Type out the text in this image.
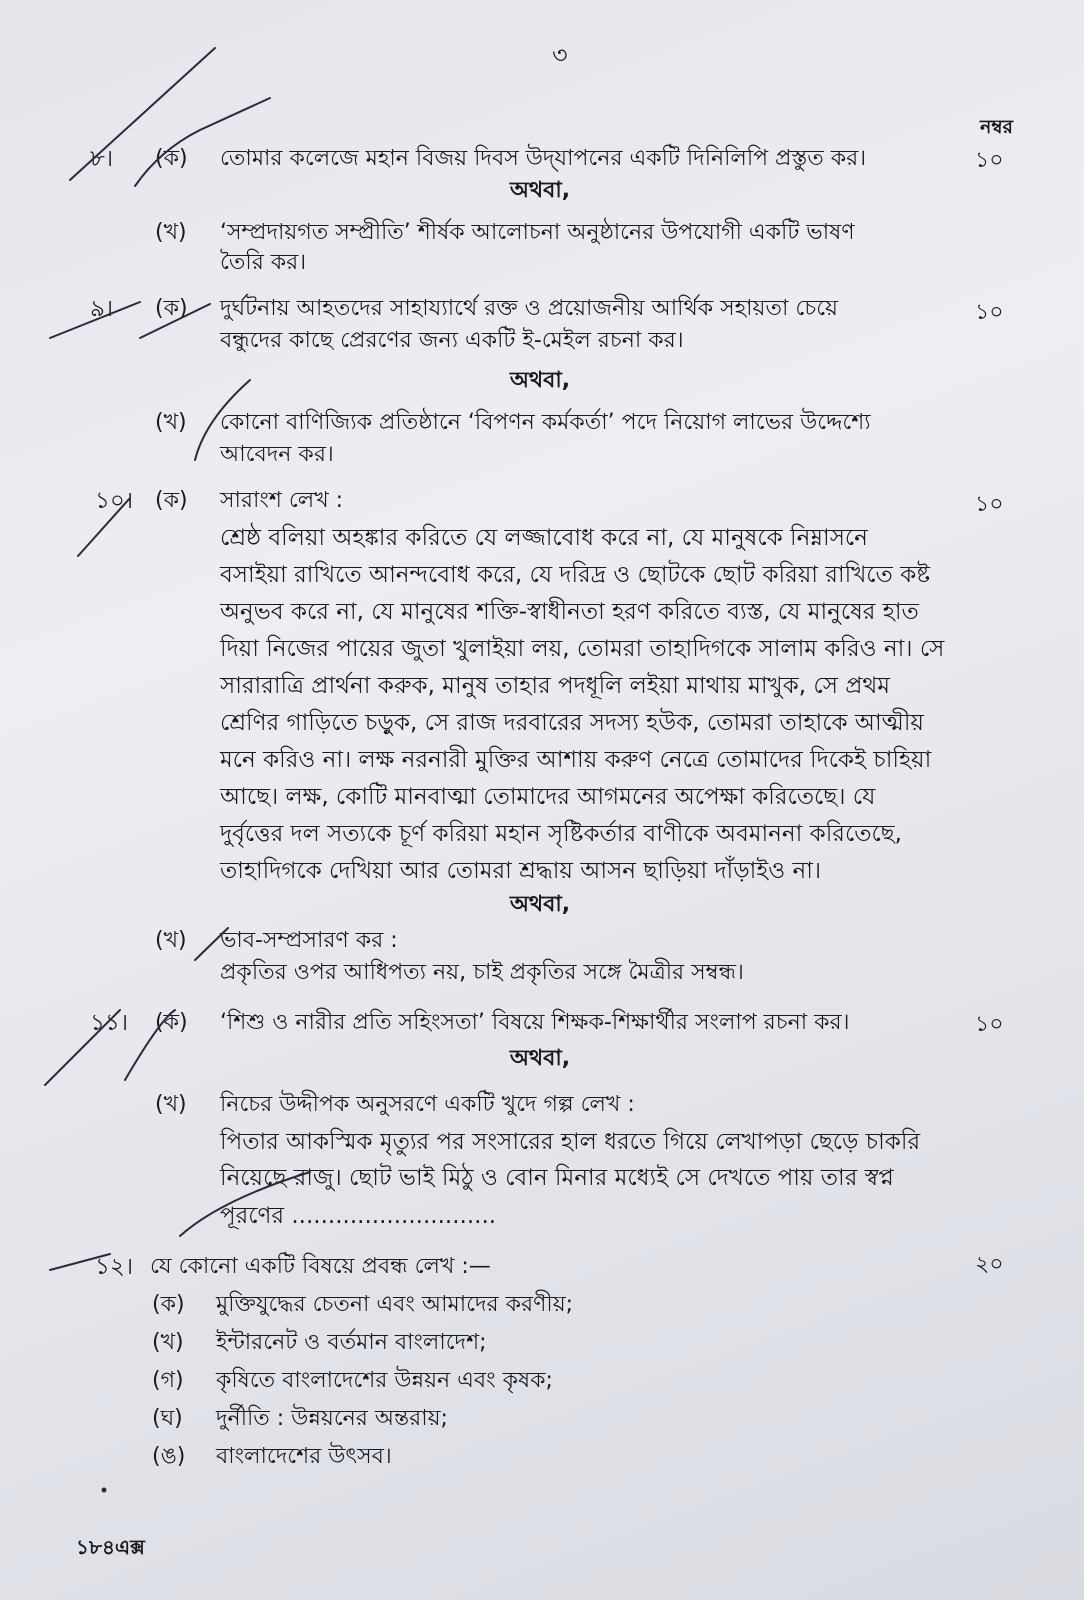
৩
নম্বর
৮। (ক) তোমার কলেজে মহান বিজয় দিবস উদ্‌যাপনের একটি দিনিলিপি প্রস্তুত কর।	১০
অথবা,
(খ) ‘সম্প্রদায়গত সম্প্রীতি’ শীর্ষক আলোচনা অনুষ্ঠানের উপযোগী একটি ভাষণ
তৈরি কর।
৯। (ক) দুর্ঘটনায় আহতদের সাহায্যার্থে রক্ত ও প্রয়োজনীয় আর্থিক সহায়তা চেয়ে	১০
বন্ধুদের কাছে প্রেরণের জন্য একটি ই-মেইল রচনা কর।
অথবা,
(খ) কোনো বাণিজ্যিক প্রতিষ্ঠানে ‘বিপণন কর্মকর্তা’ পদে নিয়োগ লাভের উদ্দেশ্যে
আবেদন কর।
১০। (ক) সারাংশ লেখ :	১০
শ্রেষ্ঠ বলিয়া অহঙ্কার করিতে যে লজ্জাবোধ করে না, যে মানুষকে নিম্নাসনে
বসাইয়া রাখিতে আনন্দবোধ করে, যে দরিদ্র ও ছোটকে ছোট করিয়া রাখিতে কষ্ট
অনুভব করে না, যে মানুষের শক্তি-স্বাধীনতা হরণ করিতে ব্যস্ত, যে মানুষের হাত
দিয়া নিজের পায়ের জুতা খুলাইয়া লয়, তোমরা তাহাদিগকে সালাম করিও না। সে
সারারাত্রি প্রার্থনা করুক, মানুষ তাহার পদধূলি লইয়া মাথায় মাখুক, সে প্রথম
শ্রেণির গাড়িতে চড়ুক, সে রাজ দরবারের সদস্য হউক, তোমরা তাহাকে আত্মীয়
মনে করিও না। লক্ষ নরনারী মুক্তির আশায় করুণ নেত্রে তোমাদের দিকেই চাহিয়া
আছে। লক্ষ, কোটি মানবাত্মা তোমাদের আগমনের অপেক্ষা করিতেছে। যে
দুর্বৃত্তের দল সত্যকে চূর্ণ করিয়া মহান সৃষ্টিকর্তার বাণীকে অবমাননা করিতেছে,
তাহাদিগকে দেখিয়া আর তোমরা শ্রদ্ধায় আসন ছাড়িয়া দাঁড়াইও না।
অথবা,
(খ) ভাব-সম্প্রসারণ কর :
প্রকৃতির ওপর আধিপত্য নয়, চাই প্রকৃতির সঙ্গে মৈত্রীর সম্বন্ধ।
১১। (ক) ‘শিশু ও নারীর প্রতি সহিংসতা’ বিষয়ে শিক্ষক-শিক্ষার্থীর সংলাপ রচনা কর।	১০
অথবা,
(খ) নিচের উদ্দীপক অনুসরণে একটি খুদে গল্প লেখ :
পিতার আকস্মিক মৃত্যুর পর সংসারের হাল ধরতে গিয়ে লেখাপড়া ছেড়ে চাকরি
নিয়েছে রাজু। ছোট ভাই মিঠু ও বোন মিনার মধ্যেই সে দেখতে পায় তার স্বপ্ন
পূরণের ............................
১২। যে কোনো একটি বিষয়ে প্রবন্ধ লেখ :—	২০
(ক) মুক্তিযুদ্ধের চেতনা এবং আমাদের করণীয়;
(খ) ইন্টারনেট ও বর্তমান বাংলাদেশ;
(গ) কৃষিতে বাংলাদেশের উন্নয়ন এবং কৃষক;
(ঘ) দুর্নীতি : উন্নয়নের অন্তরায়;
(ঙ) বাংলাদেশের উৎসব।
১৮৪এক্স
